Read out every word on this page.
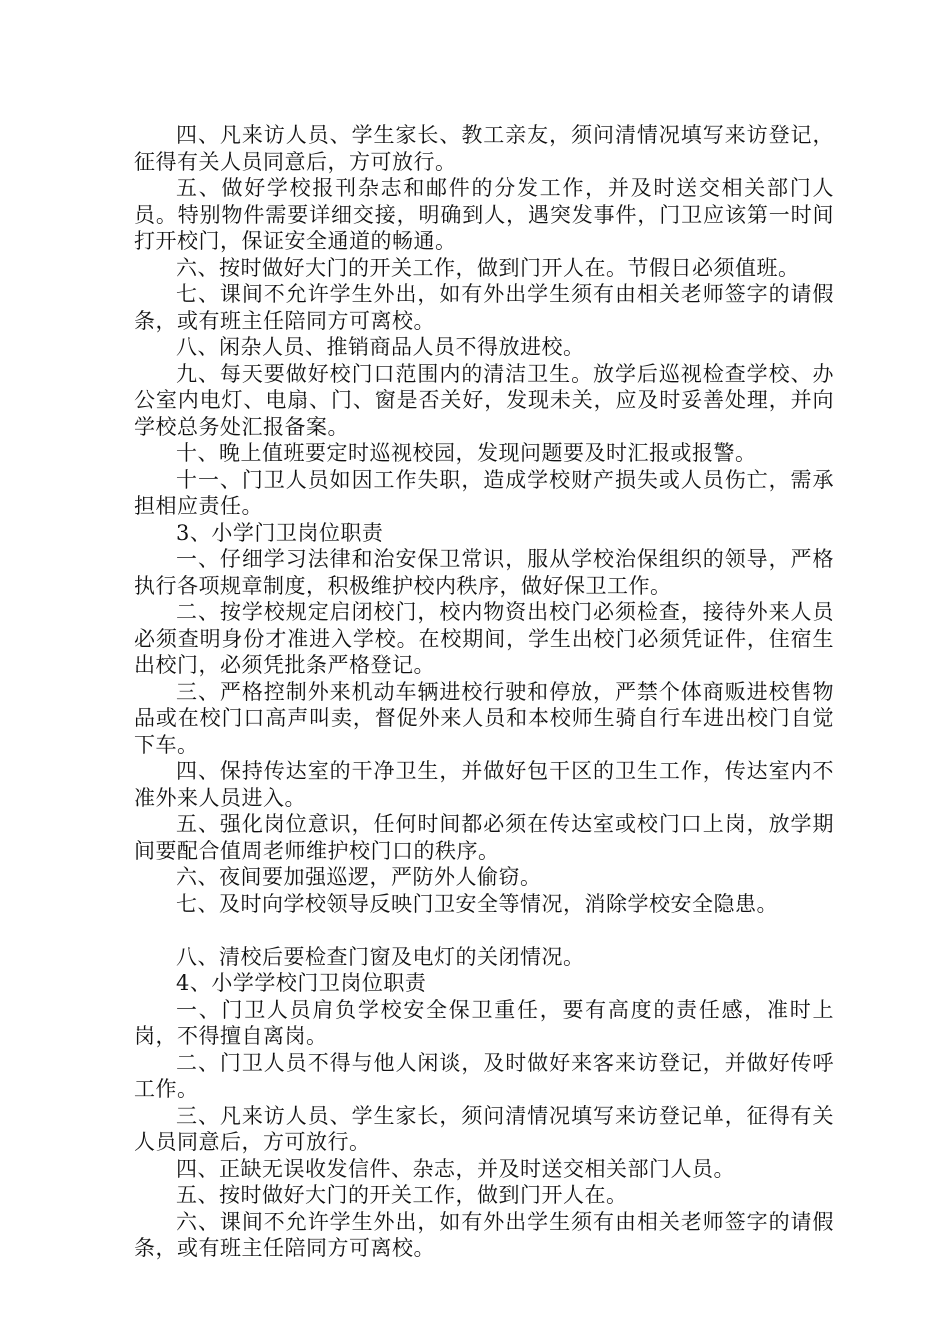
四、凡来访人员、学生家长、教工亲友，须问清情况填写来访登记，征得有关人员同意后，方可放行。

五、做好学校报刊杂志和邮件的分发工作，并及时送交相关部门人员。特别物件需要详细交接，明确到人，遇突发事件，门卫应该第一时间打开校门，保证安全通道的畅通。

六、按时做好大门的开关工作，做到门开人在。节假日必须值班。

七、课间不允许学生外出，如有外出学生须有由相关老师签字的请假条，或有班主任陪同方可离校。

八、闲杂人员、推销商品人员不得放进校。

九、每天要做好校门口范围内的清洁卫生。放学后巡视检查学校、办公室内电灯、电扇、门、窗是否关好，发现未关，应及时妥善处理，并向学校总务处汇报备案。

十、晚上值班要定时巡视校园，发现问题要及时汇报或报警。

十一、门卫人员如因工作失职，造成学校财产损失或人员伤亡，需承担相应责任。

3、小学门卫岗位职责

一、仔细学习法律和治安保卫常识，服从学校治保组织的领导，严格执行各项规章制度，积极维护校内秩序，做好保卫工作。

二、按学校规定启闭校门，校内物资出校门必须检查，接待外来人员必须查明身份才准进入学校。在校期间，学生出校门必须凭证件，住宿生出校门，必须凭批条严格登记。

三、严格控制外来机动车辆进校行驶和停放，严禁个体商贩进校售物品或在校门口高声叫卖，督促外来人员和本校师生骑自行车进出校门自觉下车。

四、保持传达室的干净卫生，并做好包干区的卫生工作，传达室内不准外来人员进入。

五、强化岗位意识，任何时间都必须在传达室或校门口上岗，放学期间要配合值周老师维护校门口的秩序。

六、夜间要加强巡逻，严防外人偷窃。

七、及时向学校领导反映门卫安全等情况，消除学校安全隐患。

八、清校后要检查门窗及电灯的关闭情况。

4、小学学校门卫岗位职责

一、门卫人员肩负学校安全保卫重任，要有高度的责任感，准时上岗，不得擅自离岗。

二、门卫人员不得与他人闲谈，及时做好来客来访登记，并做好传呼工作。

三、凡来访人员、学生家长，须问清情况填写来访登记单，征得有关人员同意后，方可放行。

四、正缺无误收发信件、杂志，并及时送交相关部门人员。

五、按时做好大门的开关工作，做到门开人在。

六、课间不允许学生外出，如有外出学生须有由相关老师签字的请假条，或有班主任陪同方可离校。
